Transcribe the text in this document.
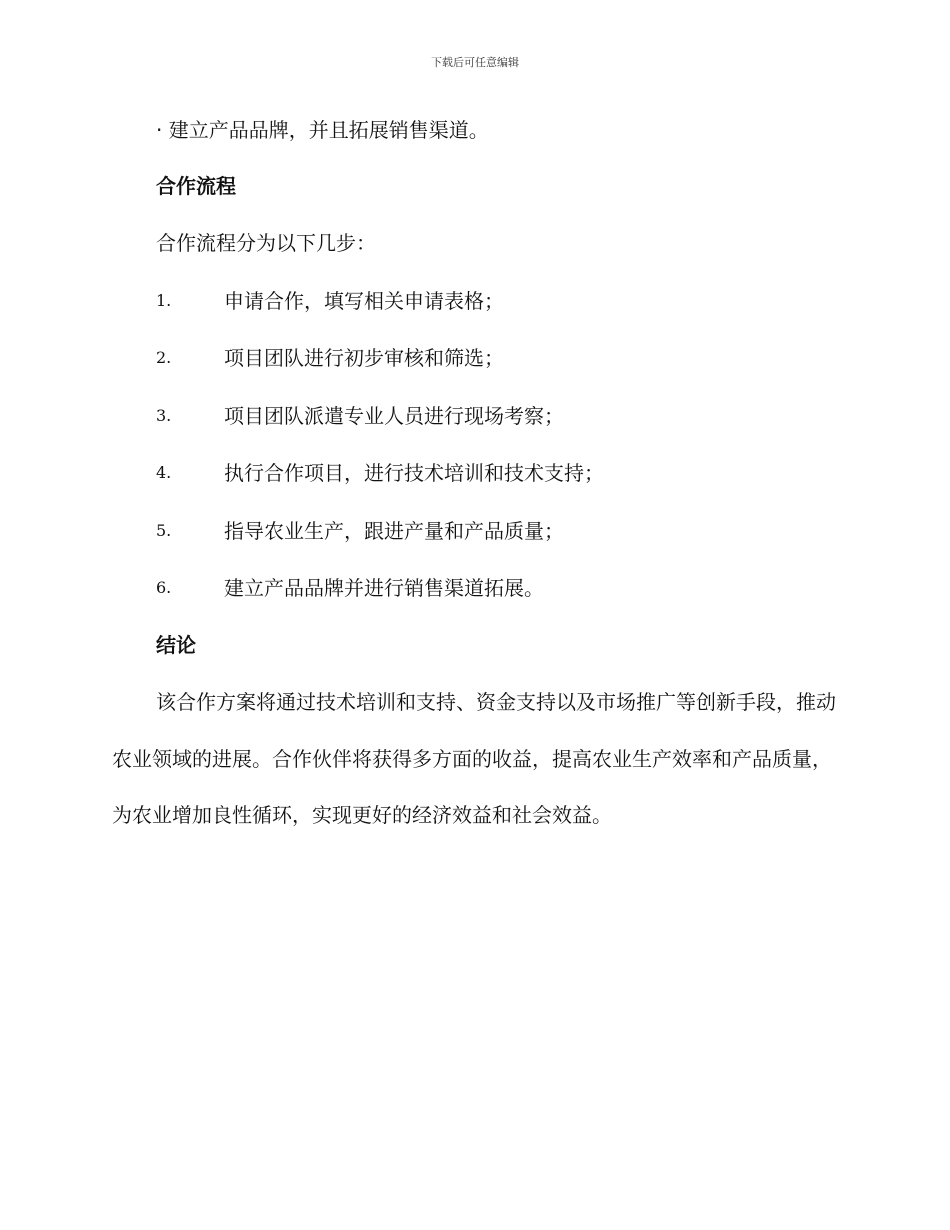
下载后可任意编辑
· 建立产品品牌，并且拓展销售渠道。
合作流程
合作流程分为以下几步：
1.	申请合作，填写相关申请表格；
2.	项目团队进行初步审核和筛选；
3.	项目团队派遣专业人员进行现场考察；
4.	执行合作项目，进行技术培训和技术支持；
5.	指导农业生产，跟进产量和产品质量；
6.	建立产品品牌并进行销售渠道拓展。
结论

该合作方案将通过技术培训和支持、资金支持以及市场推广等创新手段，推动农业领域的进展。合作伙伴将获得多方面的收益，提高农业生产效率和产品质量，为农业增加良性循环，实现更好的经济效益和社会效益。
